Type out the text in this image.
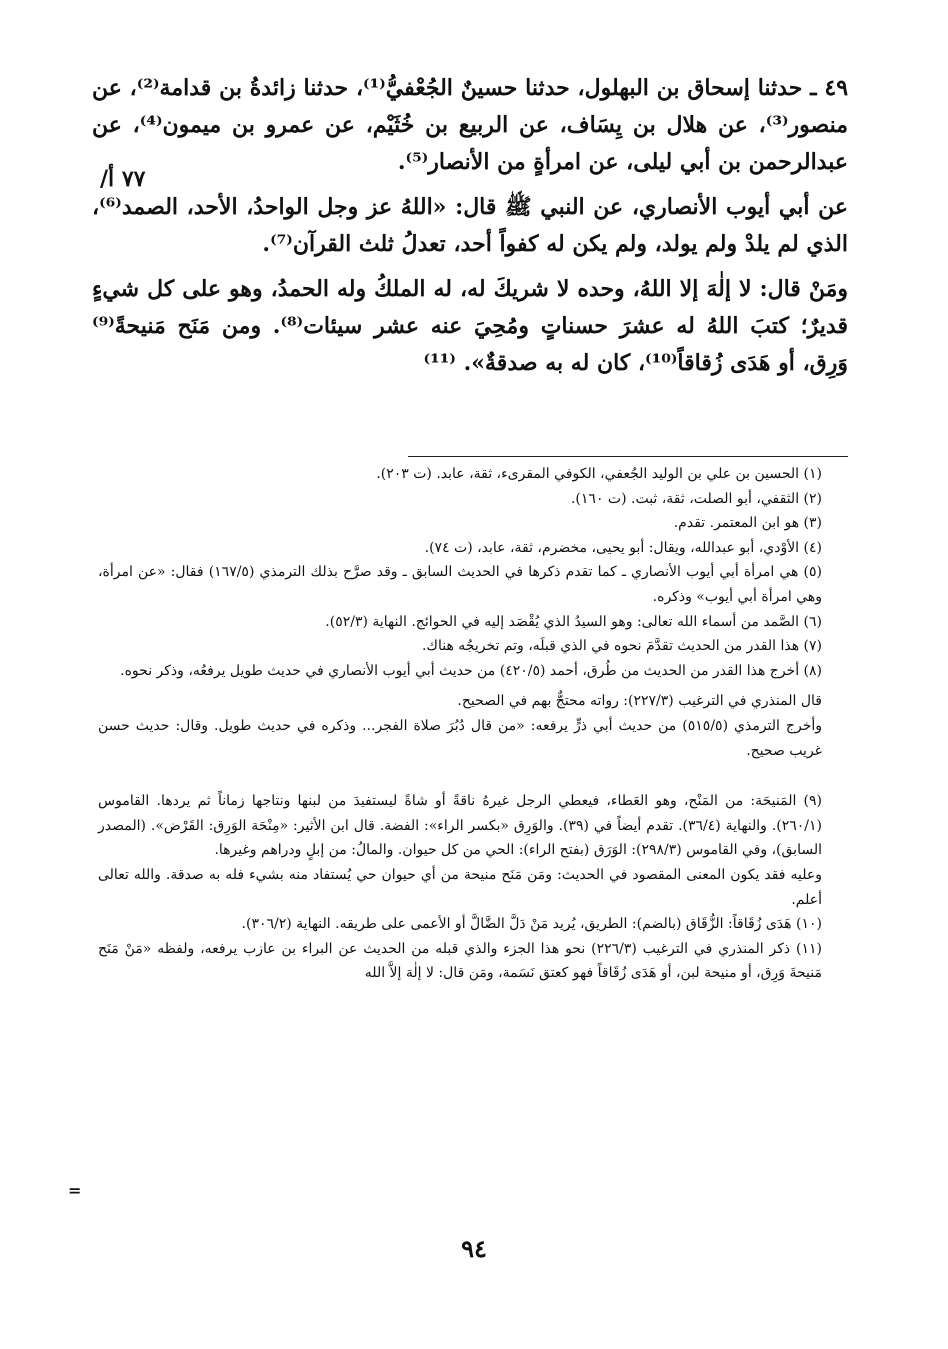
٤٩ ـ حدثنا إسحاق بن البهلول، حدثنا حسينٌ الجُعْفيُّ⁽¹⁾، حدثنا زائدةُ بن قدامة⁽²⁾، عن منصور⁽³⁾، عن هلال بن يِسَاف، عن الربيع بن خُثَيْم، عن عمرو بن ميمون⁽⁴⁾، عن عبدالرحمن بن أبي ليلى، عن امرأةٍ من الأنصار⁽⁵⁾.

عن أبي أيوب الأنصاري، عن النبي ﷺ قال: «اللهُ عز وجل الواحدُ، الأحد، الصمد⁽⁶⁾، الذي لم يلدْ ولم يولد، ولم يكن له كفواً أحد، تعدلُ ثلث القرآن⁽⁷⁾.

ومَنْ قال: لا إلٰهَ إلا اللهُ، وحده لا شريكَ له، له الملكُ وله الحمدُ، وهو على كل شيءٍ قديرٌ؛ كتبَ اللهُ له عشرَ حسناتٍ ومُحِيَ عنه عشر سيئات⁽⁸⁾. ومن مَنَح مَنيحةً⁽⁹⁾ وَرِق، أو هَدَى زُقاقاً⁽¹⁰⁾، كان له به صدقةٌ». ⁽¹¹⁾

/٧٧ أ

(١) الحسين بن علي بن الوليد الجُعفي، الكوفي المقرىء، ثقة، عابد. (ت ٢٠٣).

(٢) الثقفي، أبو الصلت، ثقة، ثبت. (ت ١٦٠).

(٣) هو ابن المعتمر. تقدم.

(٤) الأوْدي، أبو عبدالله، ويقال: أبو يحيى، مخضرم، ثقة، عابد، (ت ٧٤).

(٥) هي امرأة أبي أيوب الأنصاري ـ كما تقدم ذكرها في الحديث السابق ـ وقد صرَّح بذلك الترمذي (١٦٧/٥) فقال: «عن امرأة، وهي امرأة أبي أيوب» وذكره.

(٦) الصَّمد من أسماء الله تعالى: وهو السيدُ الذي يُقْصَد إليه في الحوائج. النهاية (٥٢/٣).

(٧) هذا القدر من الحديث تقدَّمَ نحوه في الذي قبلَه، وتم تخريجُه هناك.

(٨) أخرج هذا القدر من الحديث من طُرق، أحمد (٤٢٠/٥) من حديث أبي أيوب الأنصاري في حديث طويل يرفعُه، وذكر نحوه.

قال المنذري في الترغيب (٢٢٧/٣): رواته محتجٌّ بهم في الصحيح.

وأخرج الترمذي (٥١٥/٥) من حديث أبي ذرٍّ يرفعه: «من قال دُبُرَ صلاة الفجر... وذكره في حديث طويل. وقال: حديث حسن غريب صحيح.

(٩) المَنيحَة: من المَنْح، وهو العَطاء، فيعطي الرجل غيرهُ ناقةً أو شاةً ليستفيدَ من لبنها ونتاجها زماناً ثم يردها. القاموس (٢٦٠/١). والنهاية (٣٦/٤). تقدم أيضاً في (٣٩). والوَرِق «بكسر الراء»: الفضة. قال ابن الأثير: «مِنْحَة الوَرِق: القَرْض». (المصدر السابق)، وفي القاموس (٢٩٨/٣): الوَرَق (بفتح الراء): الحي من كل حيوان. والمالُ: من إبلٍ ودراهم وغيرها.

وعليه فقد يكون المعنى المقصود في الحديث: ومَن مَنَح منيحة من أي حيوان حي يُستفاد منه بشيء فله به صدقة. والله تعالى أعلم.

(١٠) هَدَى زُقَاقاً: الزُّقَاق (بالضم): الطريق، يُريد مَنْ دَلَّ الضَّالَّ أو الأعمى على طريقه. النهاية (٣٠٦/٢).

(١١) ذكر المنذري في الترغيب (٢٢٦/٣) نحو هذا الجزء والذي قبله من الحديث عن البراء بن عازب يرفعه، ولفظه «مَنْ مَنَح مَنيحةَ وَرِق، أو منيحة لبن، أو هَدَى زُقَاقاً فهو كعتق نَسَمة، ومَن قال: لا إلٰهَ إلاَّ الله

=
٩٤
